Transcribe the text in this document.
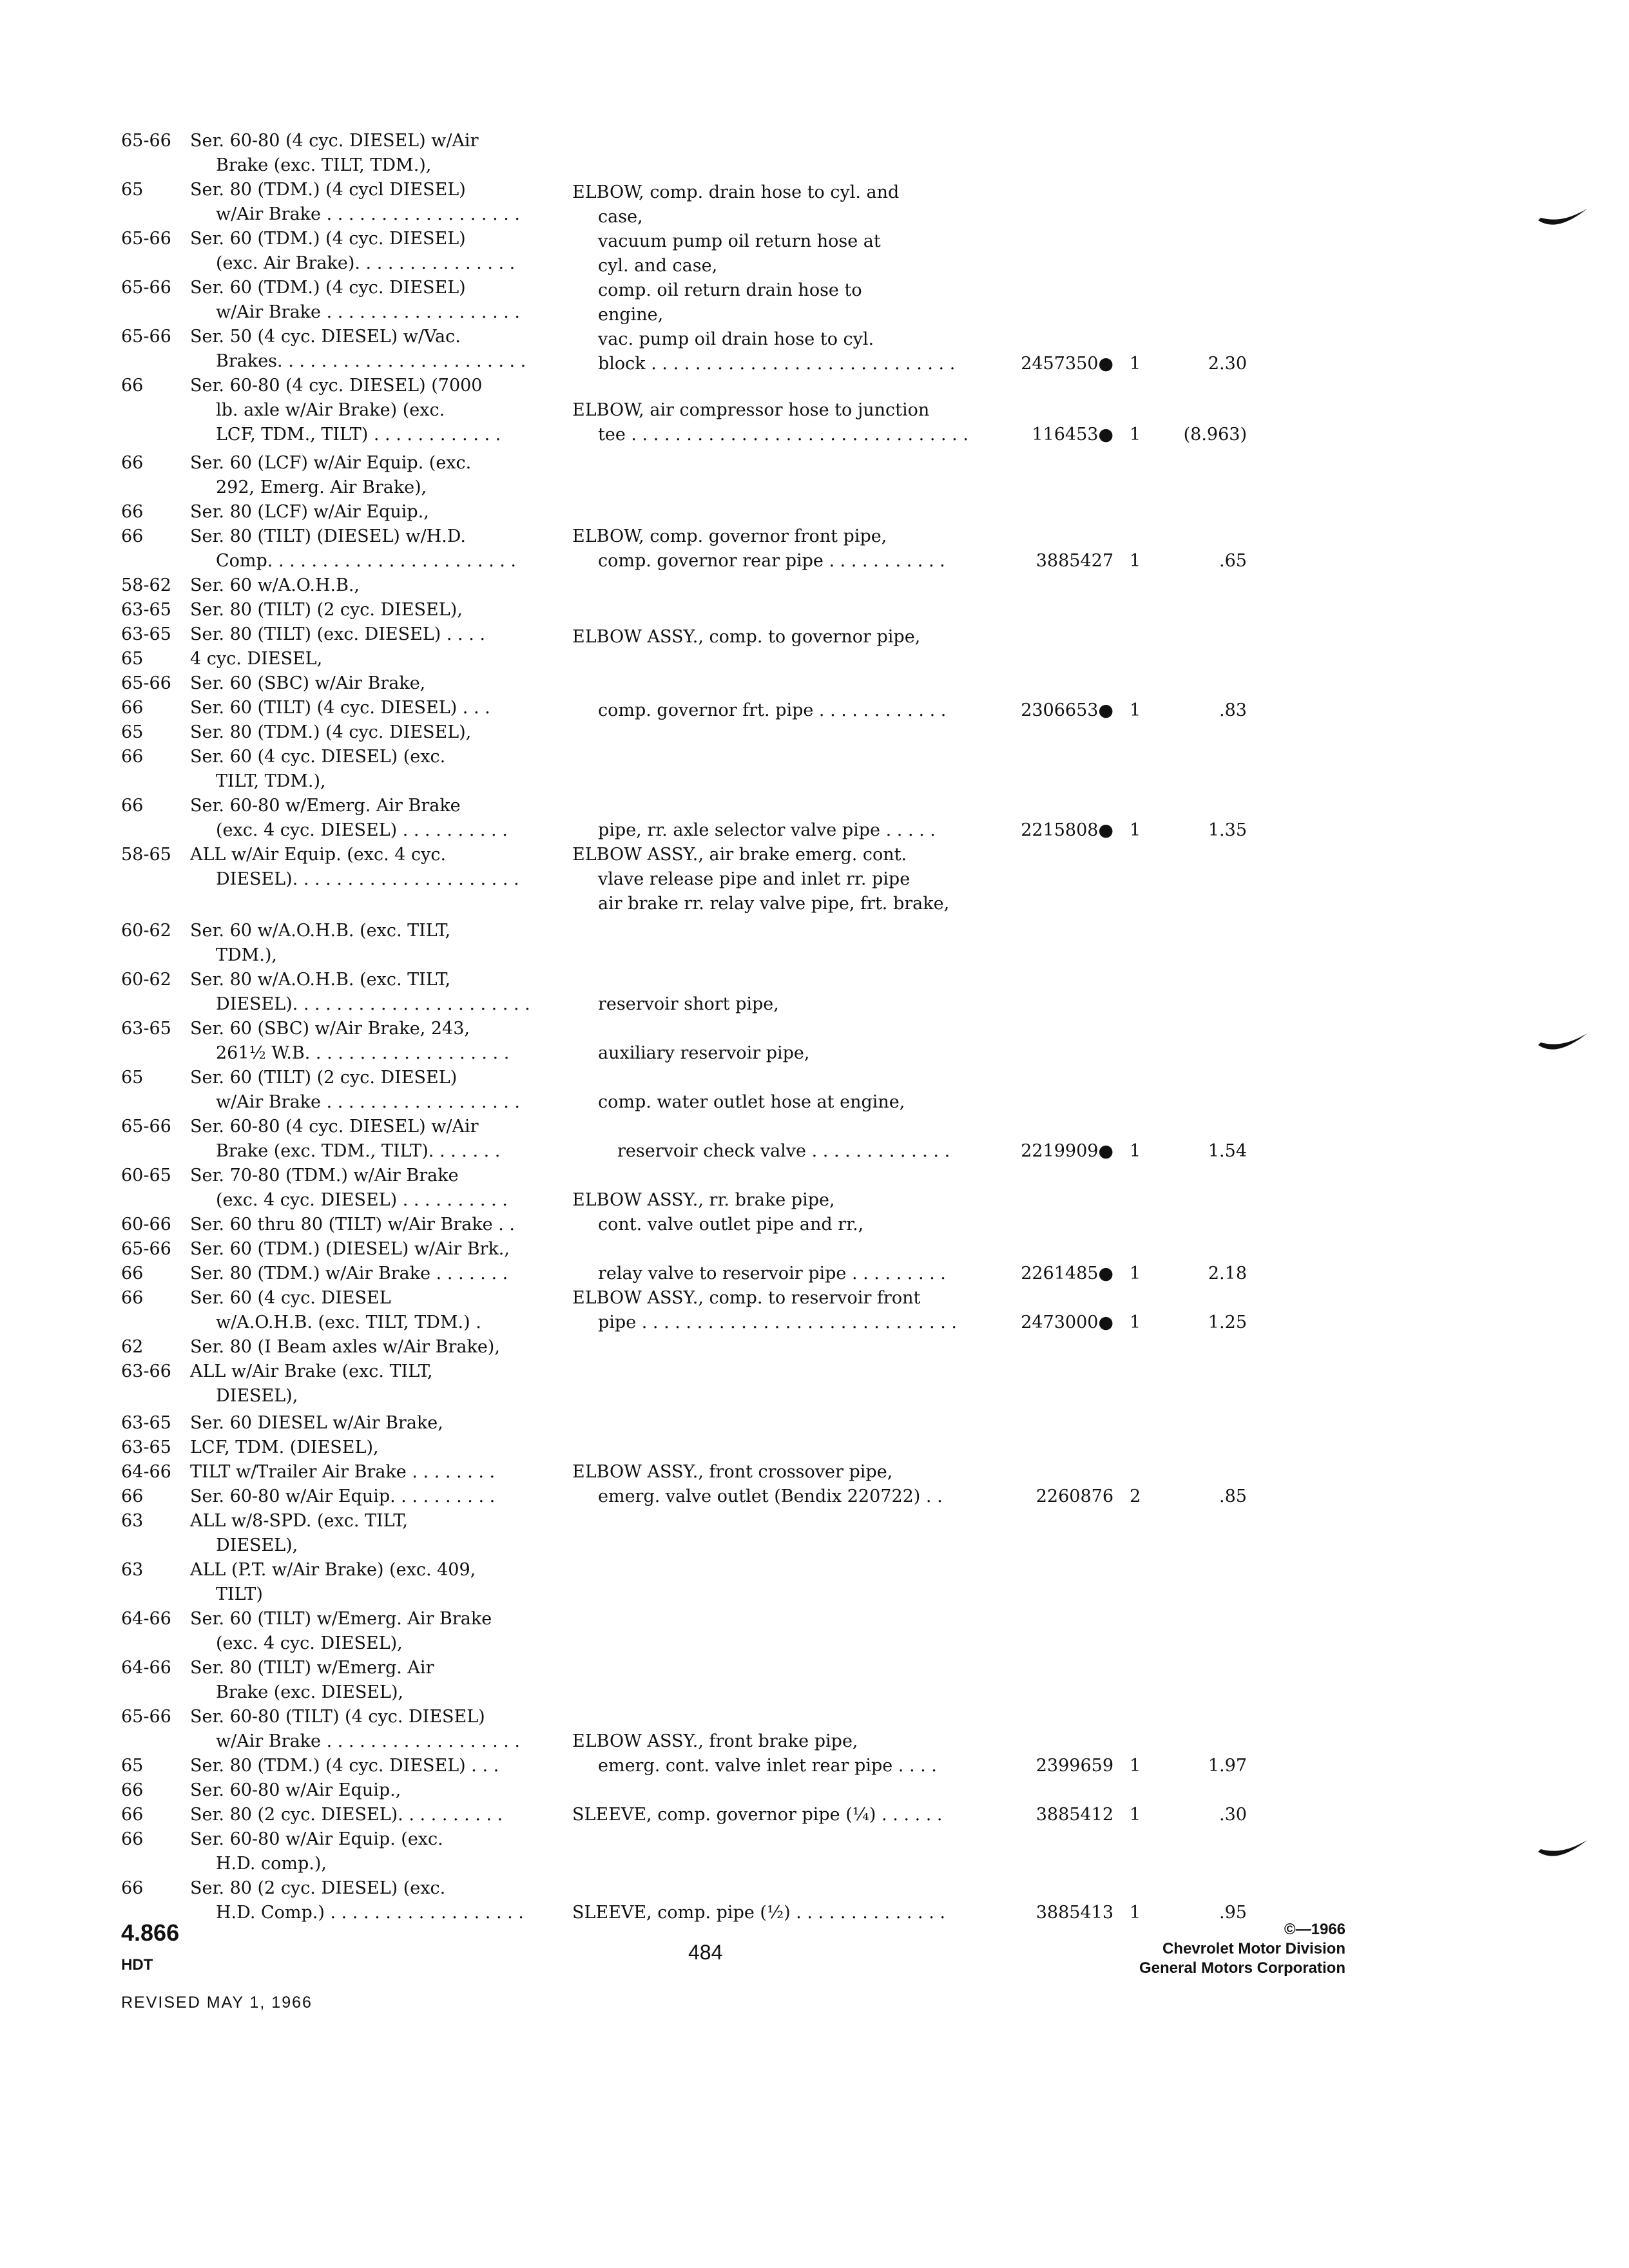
65-66 Ser. 60-80 (4 cyc. DIESEL) w/Air
Brake (exc. TILT, TDM.),
65	Ser. 80 (TDM.) (4 cycl DIESEL)	ELBOW, comp. drain hose to cyl. and
w/Air Brake . . . . . . . . . . . . . . . . . .	case,
65-66 Ser. 60 (TDM.) (4 cyc. DIESEL)	vacuum pump oil return hose at
(exc. Air Brake). . . . . . . . . . . . . . .	cyl. and case,
65-66 Ser. 60 (TDM.) (4 cyc. DIESEL)	comp. oil return drain hose to
w/Air Brake . . . . . . . . . . . . . . . . . .	engine,
65-66 Ser. 50 (4 cyc. DIESEL) w/Vac.	vac. pump oil drain hose to cyl.
Brakes. . . . . . . . . . . . . . . . . . . . . . .	block . . . . . . . . . . . . . . . . . . . . . . . . . . . .	2457350● 1	2.30
66	Ser. 60-80 (4 cyc. DIESEL) (7000
lb. axle w/Air Brake) (exc.	ELBOW, air compressor hose to junction
LCF, TDM., TILT) . . . . . . . . . . . .	tee . . . . . . . . . . . . . . . . . . . . . . . . . . . . . . .	116453● 1	(8.963)
66	Ser. 60 (LCF) w/Air Equip. (exc.
292, Emerg. Air Brake),
66	Ser. 80 (LCF) w/Air Equip.,
66	Ser. 80 (TILT) (DIESEL) w/H.D.	ELBOW, comp. governor front pipe,
Comp. . . . . . . . . . . . . . . . . . . . . . .	comp. governor rear pipe . . . . . . . . . . .	3885427 1	.65
58-62 Ser. 60 w/A.O.H.B.,
63-65 Ser. 80 (TILT) (2 cyc. DIESEL),
63-65 Ser. 80 (TILT) (exc. DIESEL) . . . .	ELBOW ASSY., comp. to governor pipe,
65	4 cyc. DIESEL,
65-66 Ser. 60 (SBC) w/Air Brake,
66	Ser. 60 (TILT) (4 cyc. DIESEL) . . .	comp. governor frt. pipe . . . . . . . . . . . .	2306653● 1	.83
65	Ser. 80 (TDM.) (4 cyc. DIESEL),
66	Ser. 60 (4 cyc. DIESEL) (exc.
TILT, TDM.),
66	Ser. 60-80 w/Emerg. Air Brake
(exc. 4 cyc. DIESEL) . . . . . . . . . .	pipe, rr. axle selector valve pipe . . . . .	2215808● 1	1.35
58-65 ALL w/Air Equip. (exc. 4 cyc.	ELBOW ASSY., air brake emerg. cont.
DIESEL). . . . . . . . . . . . . . . . . . . . .	vlave release pipe and inlet rr. pipe
air brake rr. relay valve pipe, frt. brake,
60-62 Ser. 60 w/A.O.H.B. (exc. TILT,
TDM.),
60-62 Ser. 80 w/A.O.H.B. (exc. TILT,
DIESEL). . . . . . . . . . . . . . . . . . . . . .	reservoir short pipe,
63-65 Ser. 60 (SBC) w/Air Brake, 243,
261½ W.B. . . . . . . . . . . . . . . . . . .	auxiliary reservoir pipe,
65	Ser. 60 (TILT) (2 cyc. DIESEL)
w/Air Brake . . . . . . . . . . . . . . . . . .	comp. water outlet hose at engine,
65-66 Ser. 60-80 (4 cyc. DIESEL) w/Air
Brake (exc. TDM., TILT). . . . . . .	reservoir check valve . . . . . . . . . . . . .	2219909● 1	1.54
60-65 Ser. 70-80 (TDM.) w/Air Brake
(exc. 4 cyc. DIESEL) . . . . . . . . . .	ELBOW ASSY., rr. brake pipe,
60-66 Ser. 60 thru 80 (TILT) w/Air Brake . .	cont. valve outlet pipe and rr.,
65-66 Ser. 60 (TDM.) (DIESEL) w/Air Brk.,
66	Ser. 80 (TDM.) w/Air Brake . . . . . . .	relay valve to reservoir pipe . . . . . . . . .	2261485● 1	2.18
66	Ser. 60 (4 cyc. DIESEL	ELBOW ASSY., comp. to reservoir front
w/A.O.H.B. (exc. TILT, TDM.) .	pipe . . . . . . . . . . . . . . . . . . . . . . . . . . . . .	2473000● 1	1.25
62	Ser. 80 (I Beam axles w/Air Brake),
63-66 ALL w/Air Brake (exc. TILT,
DIESEL),
63-65 Ser. 60 DIESEL w/Air Brake,
63-65 LCF, TDM. (DIESEL),
64-66 TILT w/Trailer Air Brake . . . . . . . .	ELBOW ASSY., front crossover pipe,
66	Ser. 60-80 w/Air Equip. . . . . . . . . .	emerg. valve outlet (Bendix 220722) . .	2260876 2	.85
63	ALL w/8-SPD. (exc. TILT,
DIESEL),
63	ALL (P.T. w/Air Brake) (exc. 409,
TILT)
64-66 Ser. 60 (TILT) w/Emerg. Air Brake
(exc. 4 cyc. DIESEL),
64-66 Ser. 80 (TILT) w/Emerg. Air
Brake (exc. DIESEL),
65-66 Ser. 60-80 (TILT) (4 cyc. DIESEL)
w/Air Brake . . . . . . . . . . . . . . . . . .	ELBOW ASSY., front brake pipe,
65	Ser. 80 (TDM.) (4 cyc. DIESEL) . . .	emerg. cont. valve inlet rear pipe . . . .	2399659 1	1.97
66	Ser. 60-80 w/Air Equip.,
66	Ser. 80 (2 cyc. DIESEL). . . . . . . . . .	SLEEVE, comp. governor pipe (¼) . . . . . .	3885412 1	.30
66	Ser. 60-80 w/Air Equip. (exc.
H.D. comp.),
66	Ser. 80 (2 cyc. DIESEL) (exc.
H.D. Comp.) . . . . . . . . . . . . . . . . . .	SLEEVE, comp. pipe (½) . . . . . . . . . . . . . .	3885413 1	.95
4.866
HDT
REVISED MAY 1, 1966
484
©—1966
Chevrolet Motor Division
General Motors Corporation
